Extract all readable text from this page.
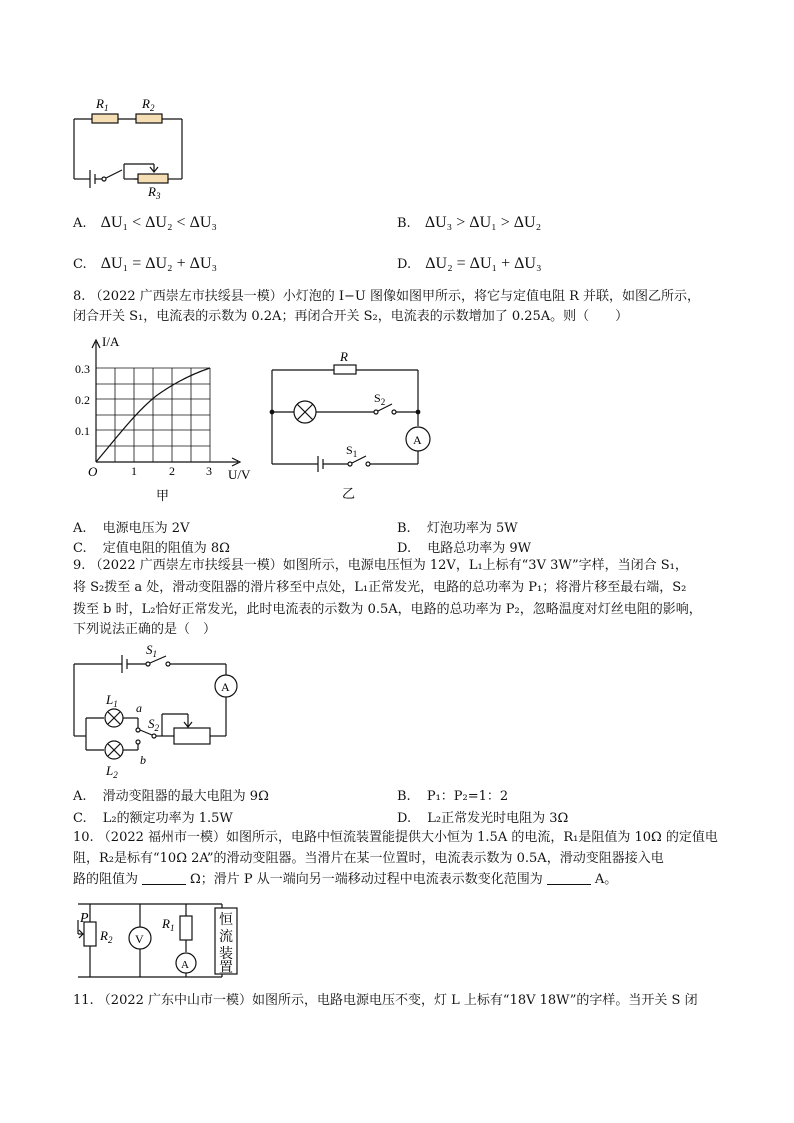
$R_1$	$R_2$
$R_3$
A. ΔU₁ < ΔU₂ < ΔU₃	B. ΔU₃ > ΔU₁ > ΔU₂
C. ΔU₁ = ΔU₂ + ΔU₃	D. ΔU₂ = ΔU₁ + ΔU₃
8. （2022 广西崇左市扶绥县一模）小灯泡的 I−U 图像如图甲所示，将它与定值电阻 R 并联，如图乙所示，
闭合开关 S₁，电流表的示数为 0.2A；再闭合开关 S₂，电流表的示数增加了 0.25A。则（　　）
I/A
U/V
O
0.3
0.2
0.1
1	2	3
甲
R
$S_2$
A
$S_1$
乙
A. 电源电压为 2V	B. 灯泡功率为 5W
C. 定值电阻的阻值为 8Ω	D. 电路总功率为 9W
9. （2022 广西崇左市扶绥县一模）如图所示，电源电压恒为 12V，L₁上标有“3V 3W”字样，当闭合 S₁，
将 S₂拨至 a 处，滑动变阻器的滑片移至中点处，L₁正常发光，电路的总功率为 P₁；将滑片移至最右端，S₂
拨至 b 时，L₂恰好正常发光，此时电流表的示数为 0.5A，电路的总功率为 P₂，忽略温度对灯丝电阻的影响，
下列说法正确的是（　）
$S_1$
A
$L_1$ a
$S_2$
b
$L_2$
A. 滑动变阻器的最大电阻为 9Ω	B. P₁：P₂=1：2
C. L₂的额定功率为 1.5W	D. L₂正常发光时电阻为 3Ω
10. （2022 福州市一模）如图所示，电路中恒流装置能提供大小恒为 1.5A 的电流，R₁是阻值为 10Ω 的定值电
阻，R₂是标有“10Ω 2A”的滑动变阻器。当滑片在某一位置时，电流表示数为 0.5A，滑动变阻器接入电
路的阻值为	Ω；滑片 P 从一端向另一端移动过程中电流表示数变化范围为	A。
P
$R_2$ V
$R_1$
A
恒
流
装
置
11. （2022 广东中山市一模）如图所示，电路电源电压不变，灯 L 上标有“18V 18W”的字样。当开关 S 闭
